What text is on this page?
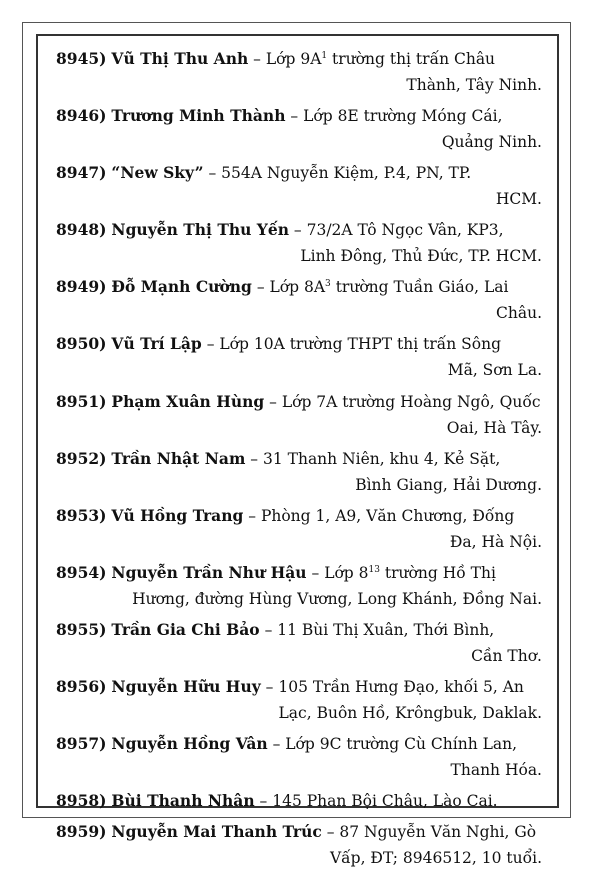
8945) Vũ Thị Thu Anh – Lớp $9A^1$ trường thị trấn Châu
Thành, Tây Ninh.
8946) Trương Minh Thành – Lớp 8E trường Móng Cái,
Quảng Ninh.
8947) “New Sky” – 554A Nguyễn Kiệm, P.4, PN, TP.
HCM.
8948) Nguyễn Thị Thu Yến – 73/2A Tô Ngọc Vân, KP3,
Linh Đông, Thủ Đức, TP. HCM.
8949) Đỗ Mạnh Cường – Lớp $8A^3$ trường Tuần Giáo, Lai
Châu.
8950) Vũ Trí Lập – Lớp 10A trường THPT thị trấn Sông
Mã, Sơn La.
8951) Phạm Xuân Hùng – Lớp 7A trường Hoàng Ngô, Quốc
Oai, Hà Tây.
8952) Trần Nhật Nam – 31 Thanh Niên, khu 4, Kẻ Sặt,
Bình Giang, Hải Dương.
8953) Vũ Hồng Trang – Phòng 1, A9, Văn Chương, Đống
Đa, Hà Nội.
8954) Nguyễn Trần Như Hậu – Lớp $8^{13}$ trường Hồ Thị
Hương, đường Hùng Vương, Long Khánh, Đồng Nai.
8955) Trần Gia Chi Bảo – 11 Bùi Thị Xuân, Thới Bình,
Cần Thơ.
8956) Nguyễn Hữu Huy – 105 Trần Hưng Đạo, khối 5, An
Lạc, Buôn Hồ, Krôngbuk, Daklak.
8957) Nguyễn Hồng Vân – Lớp 9C trường Cù Chính Lan,
Thanh Hóa.
8958) Bùi Thanh Nhân – 145 Phan Bội Châu, Lào Cai.
8959) Nguyễn Mai Thanh Trúc – 87 Nguyễn Văn Nghi, Gò
Vấp, ĐT; 8946512, 10 tuổi.
